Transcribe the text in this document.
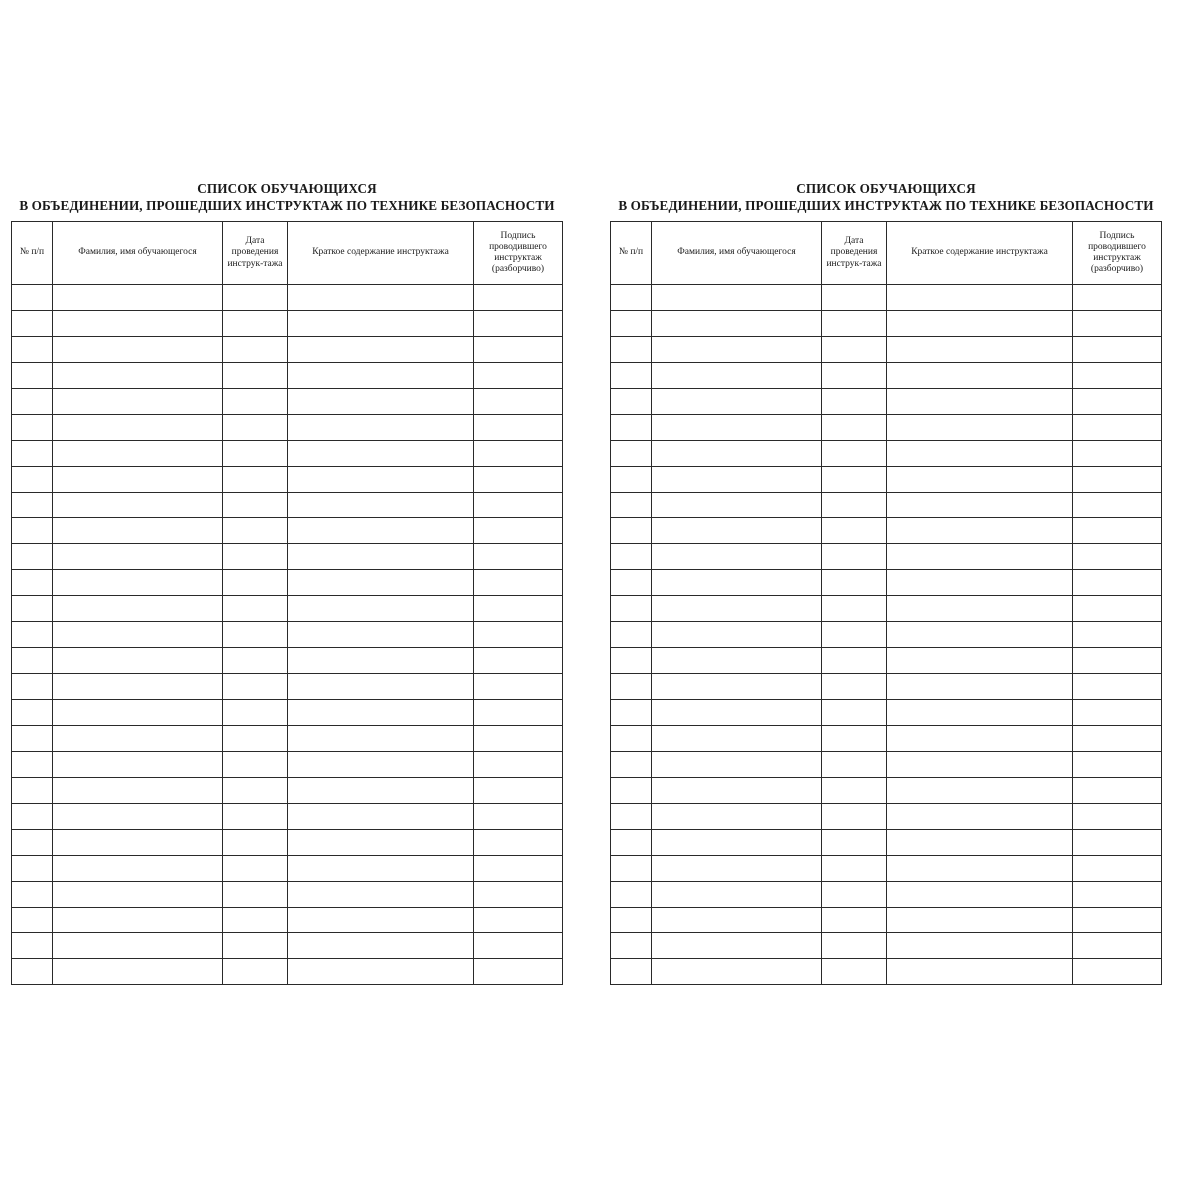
СПИСОК ОБУЧАЮЩИХСЯ
В ОБЪЕДИНЕНИИ, ПРОШЕДШИХ ИНСТРУКТАЖ ПО ТЕХНИКЕ БЕЗОПАСНОСТИ
№ п/п	Фамилия, имя обучающегося	Дата проведения инструк-тажа	Краткое содержание инструктажа	Подпись проводившего инструктаж (разборчиво)

СПИСОК ОБУЧАЮЩИХСЯ
В ОБЪЕДИНЕНИИ, ПРОШЕДШИХ ИНСТРУКТАЖ ПО ТЕХНИКЕ БЕЗОПАСНОСТИ
№ п/п	Фамилия, имя обучающегося	Дата проведения инструк-тажа	Краткое содержание инструктажа	Подпись проводившего инструктаж (разборчиво)
